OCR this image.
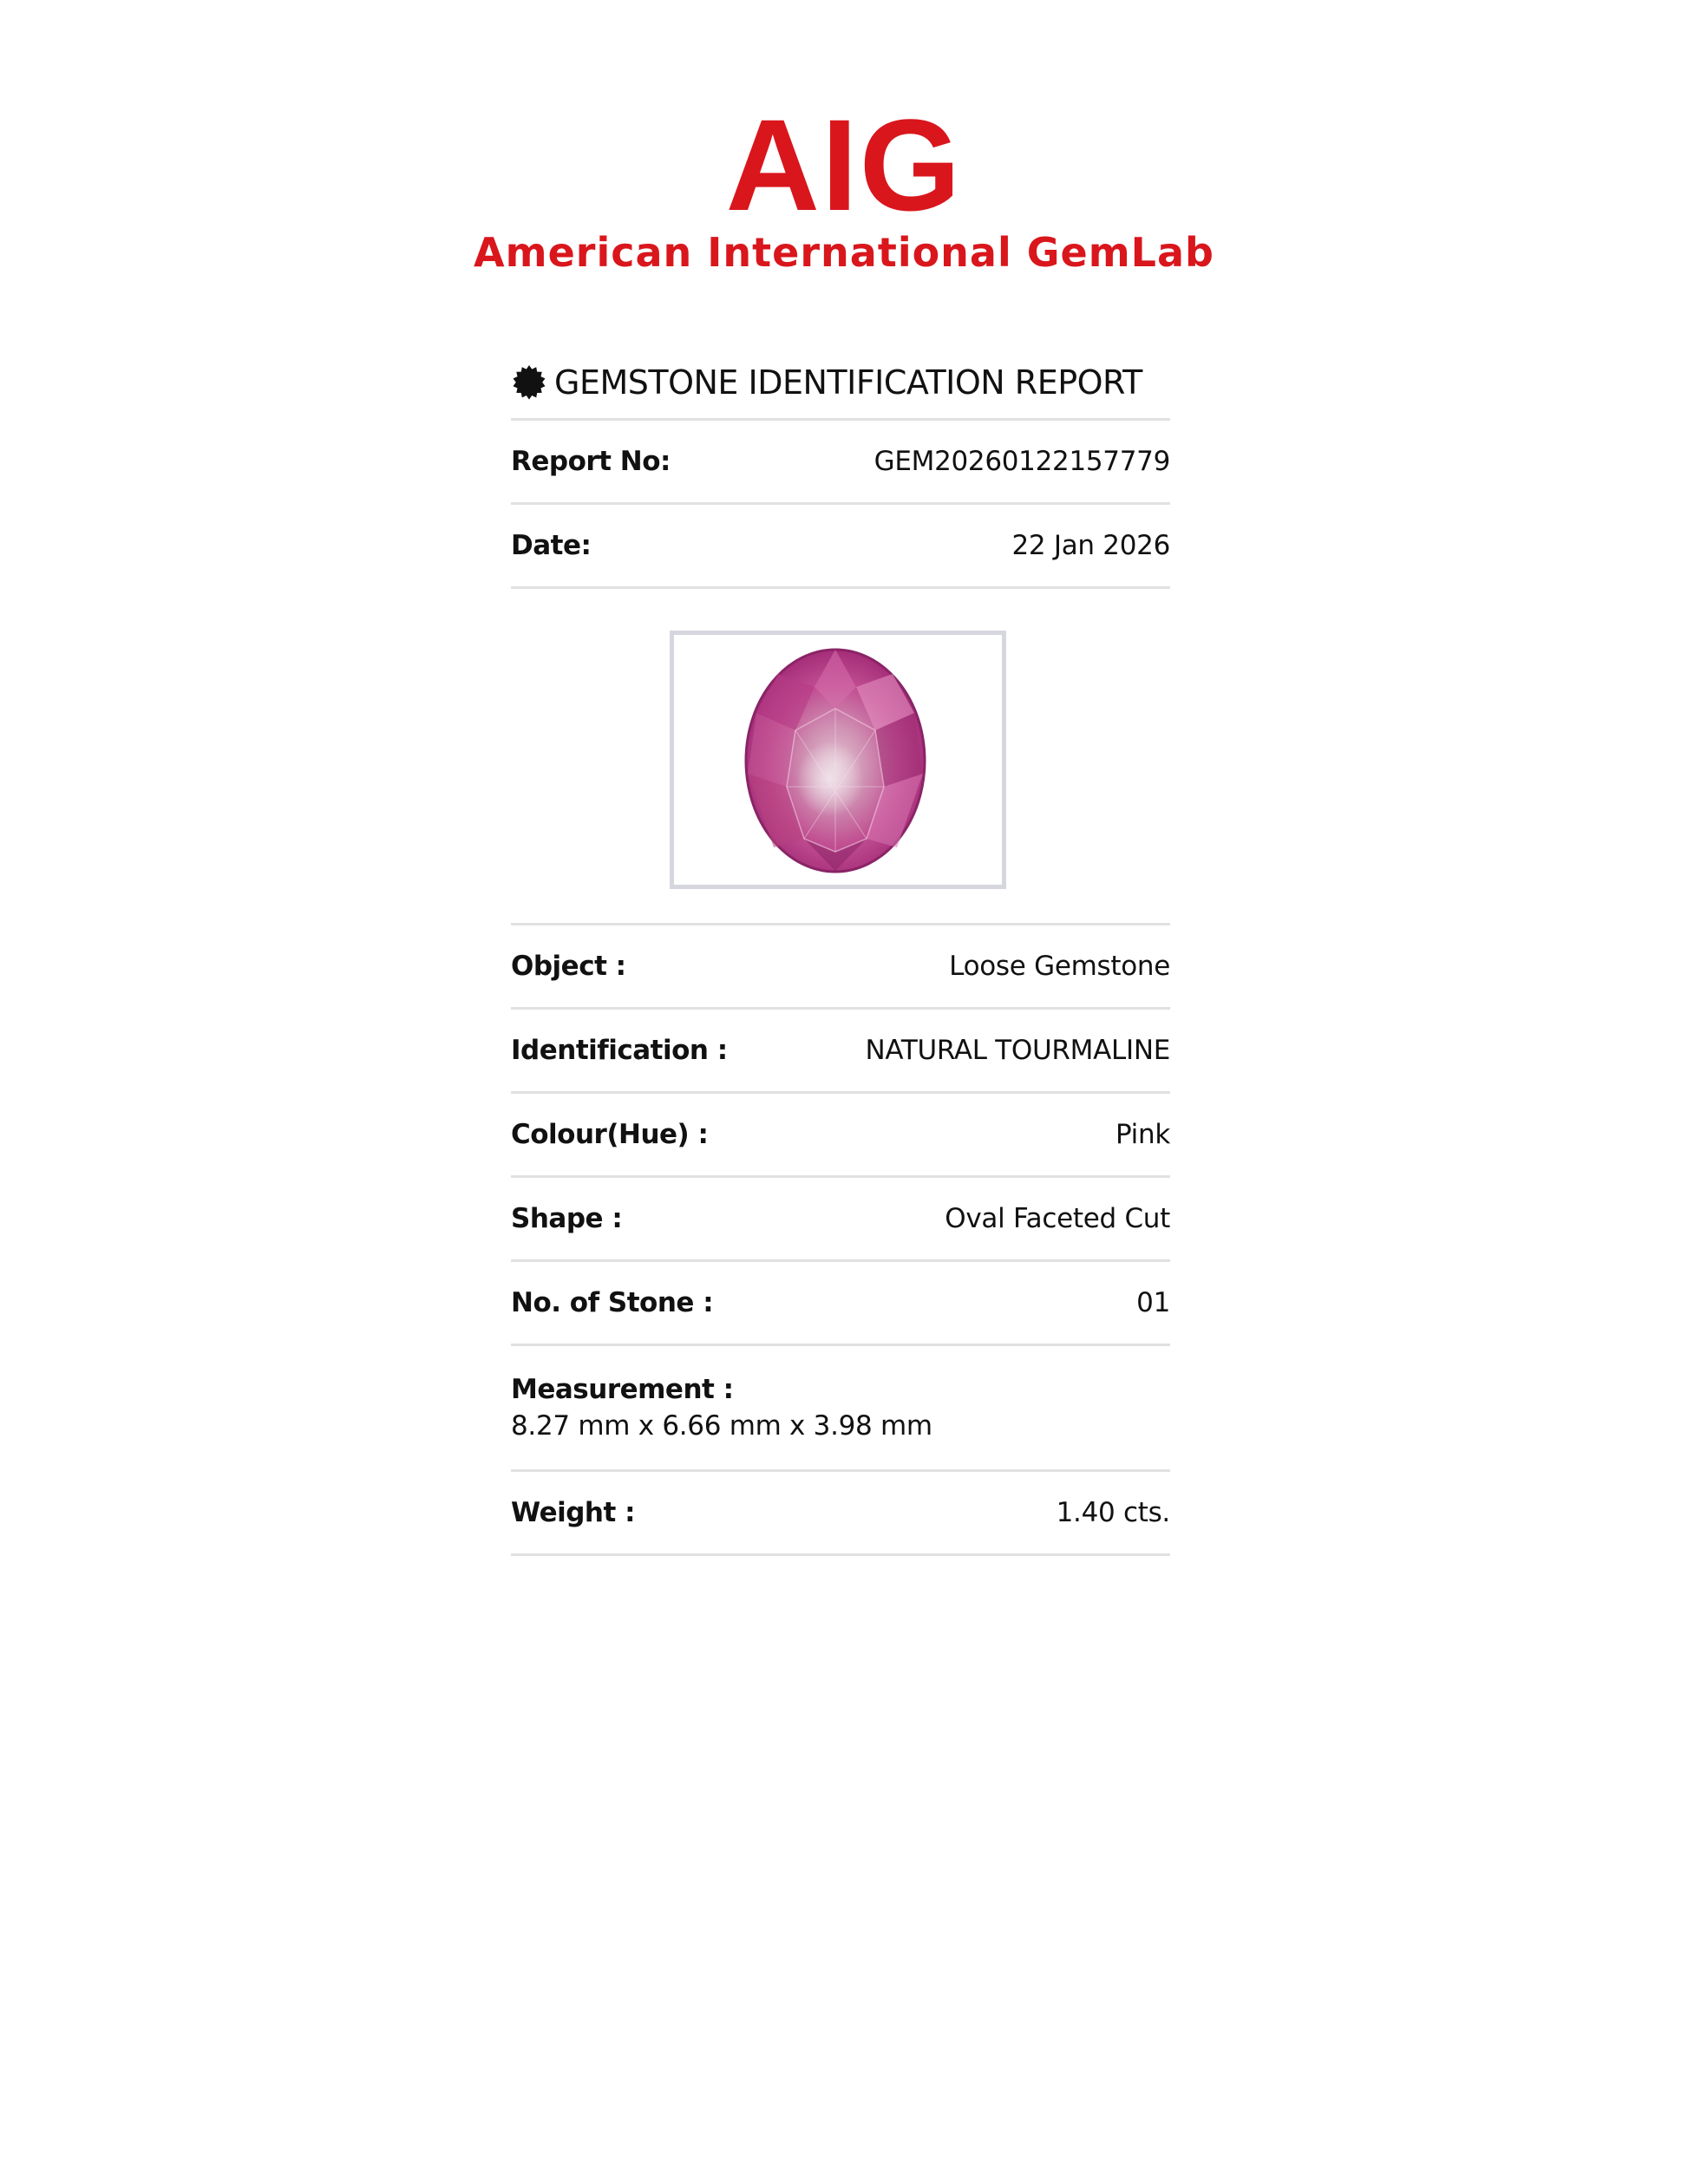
AIG
American International GemLab
GEMSTONE IDENTIFICATION REPORT
Report No:	GEM20260122157779
Date:	22 Jan 2026
Object :	Loose Gemstone
Identification :	NATURAL TOURMALINE
Colour(Hue) :	Pink
Shape :	Oval Faceted Cut
No. of Stone :	01
Measurement :
8.27 mm x 6.66 mm x 3.98 mm
Weight :	1.40 cts.
